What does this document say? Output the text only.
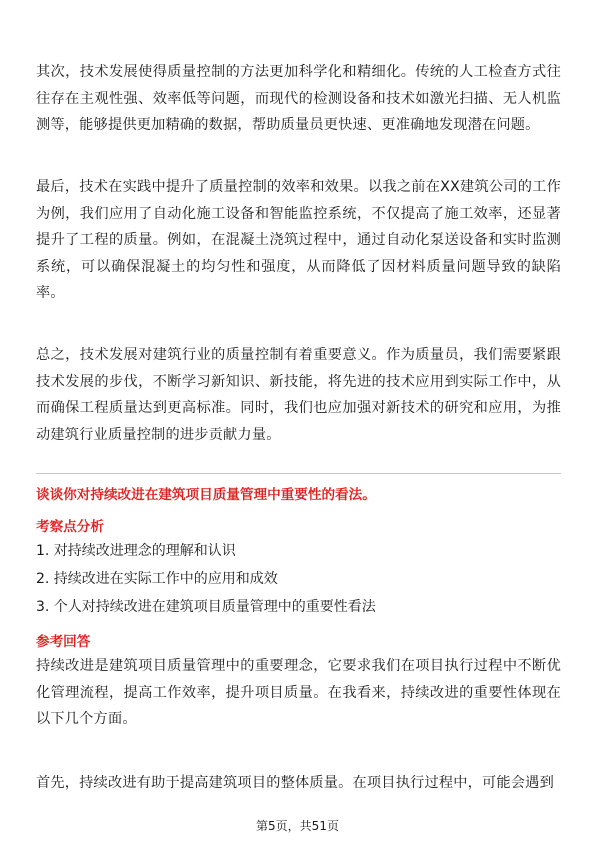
其次，技术发展使得质量控制的方法更加科学化和精细化。传统的人工检查方式往往存在主观性强、效率低等问题，而现代的检测设备和技术如激光扫描、无人机监测等，能够提供更加精确的数据，帮助质量员更快速、更准确地发现潜在问题。

最后，技术在实践中提升了质量控制的效率和效果。以我之前在XX建筑公司的工作为例，我们应用了自动化施工设备和智能监控系统，不仅提高了施工效率，还显著提升了工程的质量。例如，在混凝土浇筑过程中，通过自动化泵送设备和实时监测系统，可以确保混凝土的均匀性和强度，从而降低了因材料质量问题导致的缺陷率。

总之，技术发展对建筑行业的质量控制有着重要意义。作为质量员，我们需要紧跟技术发展的步伐，不断学习新知识、新技能，将先进的技术应用到实际工作中，从而确保工程质量达到更高标准。同时，我们也应加强对新技术的研究和应用，为推动建筑行业质量控制的进步贡献力量。

谈谈你对持续改进在建筑项目质量管理中重要性的看法。

考察点分析

1. 对持续改进理念的理解和认识

2. 持续改进在实际工作中的应用和成效

3. 个人对持续改进在建筑项目质量管理中的重要性看法

参考回答

持续改进是建筑项目质量管理中的重要理念，它要求我们在项目执行过程中不断优化管理流程，提高工作效率，提升项目质量。在我看来，持续改进的重要性体现在以下几个方面。

首先，持续改进有助于提高建筑项目的整体质量。在项目执行过程中，可能会遇到

第5页，共51页
